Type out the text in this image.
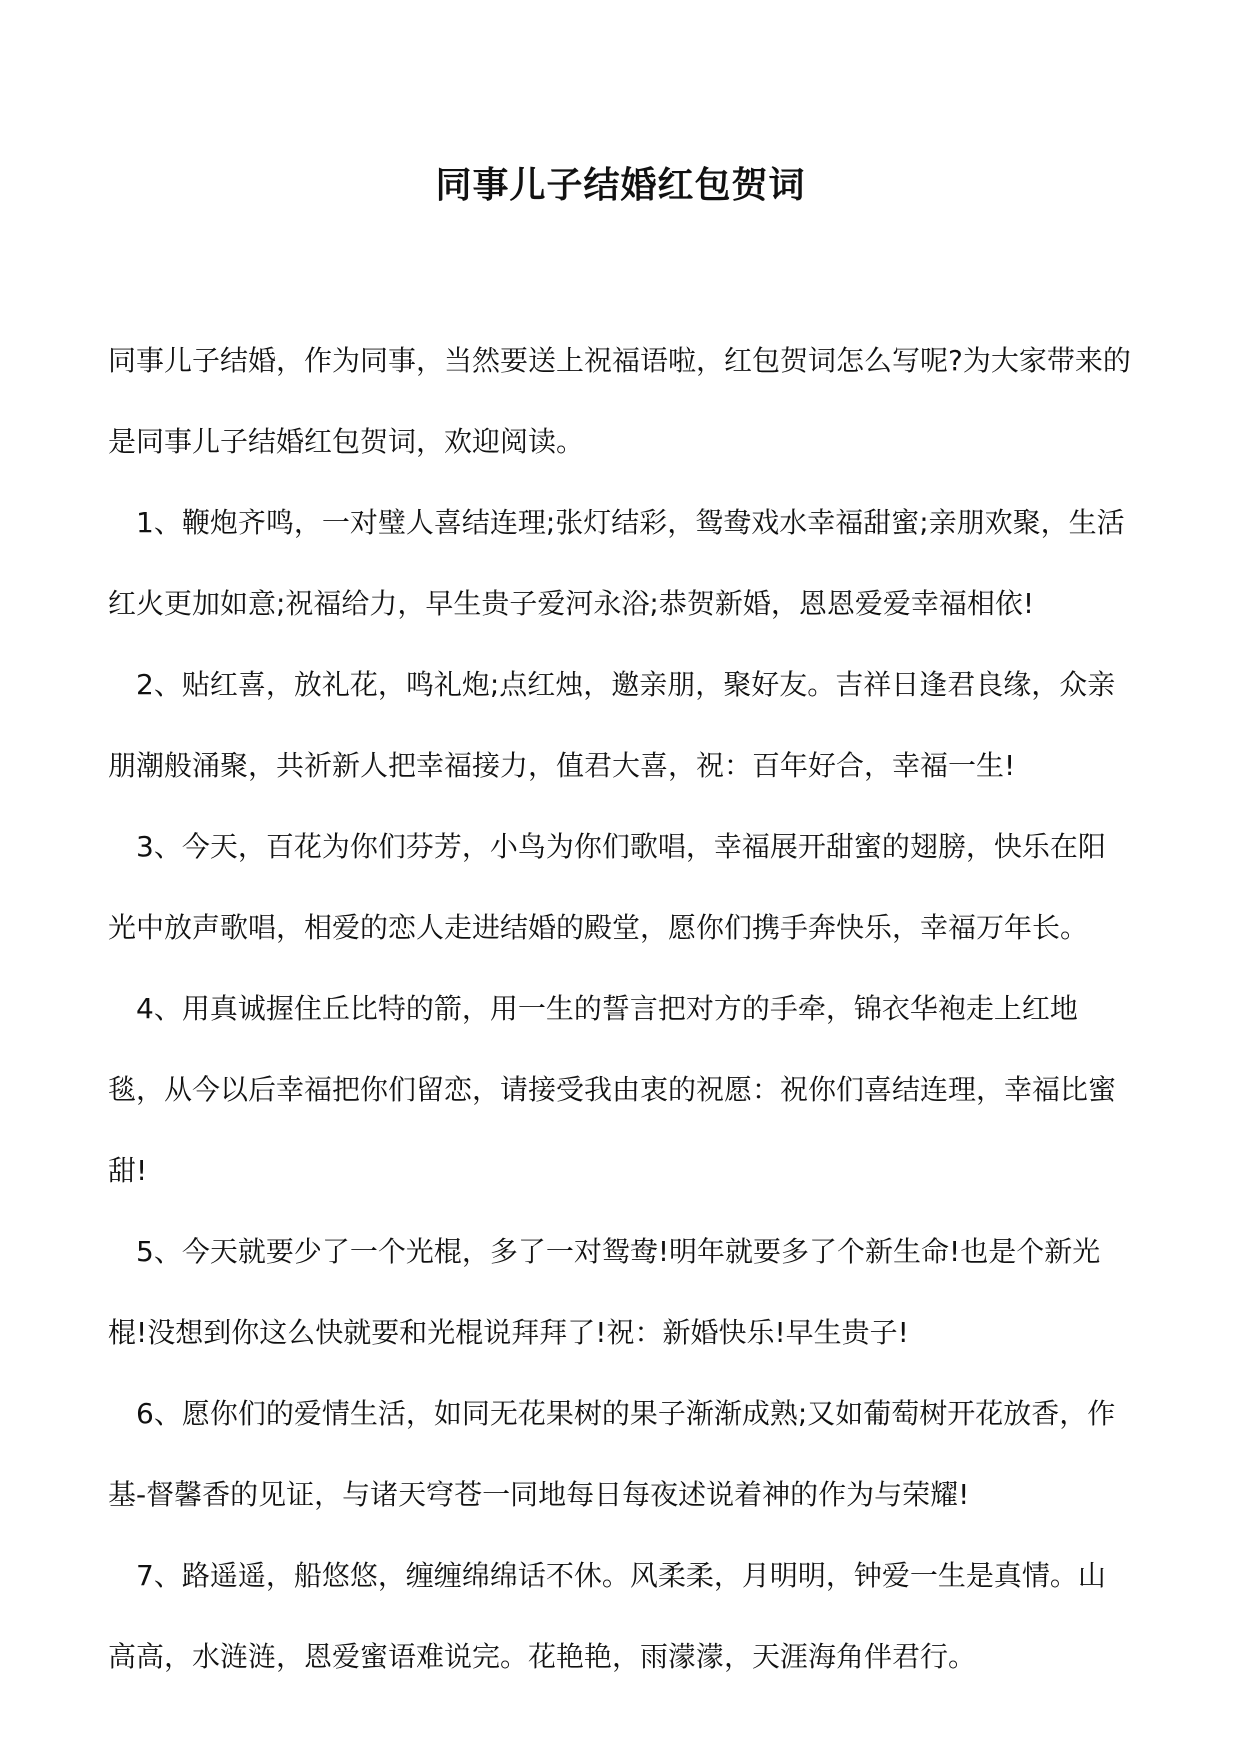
同事儿子结婚红包贺词

同事儿子结婚，作为同事，当然要送上祝福语啦，红包贺词怎么写呢?为大家带来的是同事儿子结婚红包贺词，欢迎阅读。

1、鞭炮齐鸣，一对璧人喜结连理;张灯结彩，鸳鸯戏水幸福甜蜜;亲朋欢聚，生活红火更加如意;祝福给力，早生贵子爱河永浴;恭贺新婚，恩恩爱爱幸福相依!

2、贴红喜，放礼花，鸣礼炮;点红烛，邀亲朋，聚好友。吉祥日逢君良缘，众亲朋潮般涌聚，共祈新人把幸福接力，值君大喜，祝：百年好合，幸福一生!

3、今天，百花为你们芬芳，小鸟为你们歌唱，幸福展开甜蜜的翅膀，快乐在阳光中放声歌唱，相爱的恋人走进结婚的殿堂，愿你们携手奔快乐，幸福万年长。

4、用真诚握住丘比特的箭，用一生的誓言把对方的手牵，锦衣华袍走上红地毯，从今以后幸福把你们留恋，请接受我由衷的祝愿：祝你们喜结连理，幸福比蜜甜!

5、今天就要少了一个光棍，多了一对鸳鸯!明年就要多了个新生命!也是个新光棍!没想到你这么快就要和光棍说拜拜了!祝：新婚快乐!早生贵子!

6、愿你们的爱情生活，如同无花果树的果子渐渐成熟;又如葡萄树开花放香，作基-督馨香的见证，与诸天穹苍一同地每日每夜述说着神的作为与荣耀!

7、路遥遥，船悠悠，缠缠绵绵话不休。风柔柔，月明明，钟爱一生是真情。山高高，水涟涟，恩爱蜜语难说完。花艳艳，雨濛濛，天涯海角伴君行。
